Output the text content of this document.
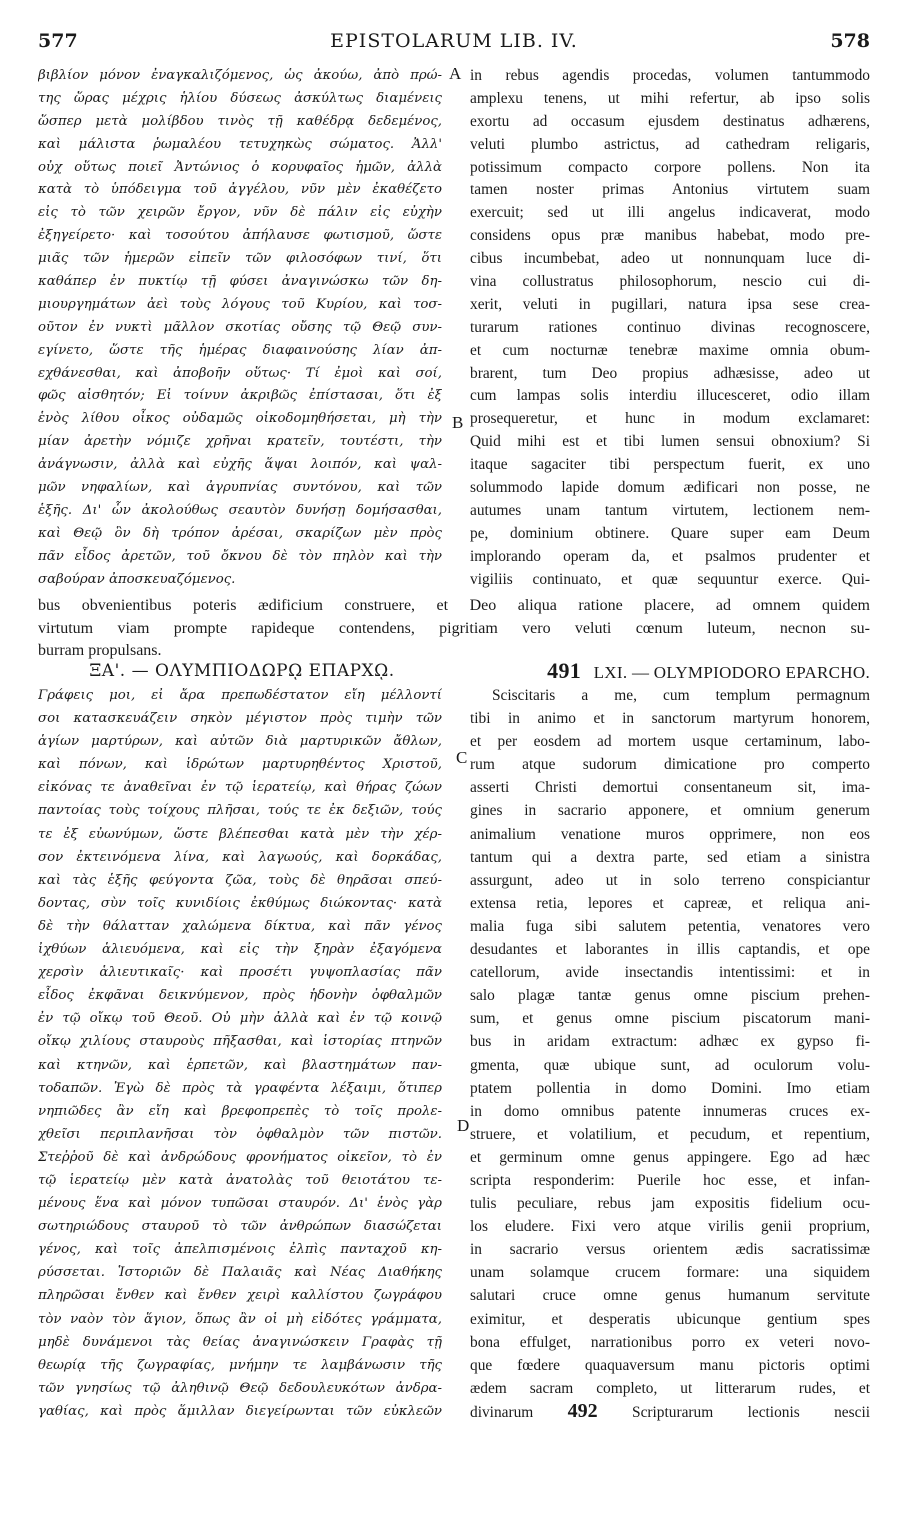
577	EPISTOLARUM LIB. IV.	578
βιβλίον μόνον ἐναγκαλιζόμενος, ὡς ἀκούω, ἀπὸ πρώ-
της ὥρας μέχρις ἡλίου δύσεως ἀσκύλτως διαμένεις
ὥσπερ μετὰ μολίβδου τινὸς τῇ καθέδρᾳ δεδεμένος,
καὶ μάλιστα ῥωμαλέου τετυχηκὼς σώματος. Ἀλλ'
οὐχ οὕτως ποιεῖ Ἀντώνιος ὁ κορυφαῖος ἡμῶν, ἀλλὰ
κατὰ τὸ ὑπόδειγμα τοῦ ἀγγέλου, νῦν μὲν ἐκαθέζετο
εἰς τὸ τῶν χειρῶν ἔργον, νῦν δὲ πάλιν εἰς εὐχὴν
ἐξηγείρετο· καὶ τοσούτου ἀπήλαυσε φωτισμοῦ, ὥστε
μιᾶς τῶν ἡμερῶν εἰπεῖν τῶν φιλοσόφων τινί, ὅτι
καθάπερ ἐν πυκτίῳ τῇ φύσει ἀναγινώσκω τῶν δη-
μιουργημάτων ἀεὶ τοὺς λόγους τοῦ Κυρίου, καὶ τοσ-
οῦτον ἐν νυκτὶ μᾶλλον σκοτίας οὔσης τῷ Θεῷ συν-
εγίνετο, ὥστε τῆς ἡμέρας διαφαινούσης λίαν ἀπ-
εχθάνεσθαι, καὶ ἀποβοῆν οὕτως· Τί ἐμοὶ καὶ σοί,
φῶς αἰσθητόν; Εἰ τοίνυν ἀκριβῶς ἐπίστασαι, ὅτι ἐξ
ἑνὸς λίθου οἶκος οὐδαμῶς οἰκοδομηθήσεται, μὴ τὴν
μίαν ἀρετὴν νόμιζε χρῆναι κρατεῖν, τουτέστι, τὴν
ἀνάγνωσιν, ἀλλὰ καὶ εὐχῆς ἅψαι λοιπόν, καὶ ψαλ-
μῶν νηφαλίων, καὶ ἀγρυπνίας συντόνου, καὶ τῶν
ἑξῆς. Δι' ὧν ἀκολούθως σεαυτὸν δυνήσῃ δομήσασθαι,
καὶ Θεῷ ὃν δὴ τρόπον ἀρέσαι, σκαρίζων μὲν πρὸς
πᾶν εἶδος ἀρετῶν, τοῦ ὄκνου δὲ τὸν πηλὸν καὶ τὴν
σαβούραν ἀποσκευαζόμενος.
in rebus agendis procedas, volumen tantummodo
amplexu tenens, ut mihi refertur, ab ipso solis
exortu ad occasum ejusdem destinatus adhærens,
veluti plumbo astrictus, ad cathedram religaris,
potissimum compacto corpore pollens. Non ita
tamen noster primas Antonius virtutem suam
exercuit; sed ut illi angelus indicaverat, modo
considens opus præ manibus habebat, modo pre-
cibus incumbebat, adeo ut nonnunquam luce di-
vina collustratus philosophorum, nescio cui di-
xerit, veluti in pugillari, natura ipsa sese crea-
turarum rationes continuo divinas recognoscere,
et cum nocturnæ tenebræ maxime omnia obum-
brarent, tum Deo propius adhæsisse, adeo ut
cum lampas solis interdiu illucesceret, odio illam
prosequeretur, et hunc in modum exclamaret:
Quid mihi est et tibi lumen sensui obnoxium? Si
itaque sagaciter tibi perspectum fuerit, ex uno
solummodo lapide domum ædificari non posse, ne
autumes unam tantum virtutem, lectionem nem-
pe, dominium obtinere. Quare super eam Deum
implorando operam da, et psalmos prudenter et
vigiliis continuato, et quæ sequuntur exerce. Qui-
A
B
C
D
bus obvenientibus poteris ædificium construere, et Deo aliqua ratione placere, ad omnem quidem
virtutum viam prompte rapideque contendens, pigritiam vero veluti cœnum luteum, necnon su-
burram propulsans.
ΞΑ'. — ΟΛΥΜΠΙΟΔΩΡῼ ΕΠΑΡΧῼ.	491 LXI. — OLYMPIODORO EPARCHO.
Γράφεις μοι, εἰ ἄρα πρεπωδέστατον εἴη μέλλοντί
σοι κατασκευάζειν σηκὸν μέγιστον πρὸς τιμὴν τῶν
ἁγίων μαρτύρων, καὶ αὐτῶν διὰ μαρτυρικῶν ἄθλων,
καὶ πόνων, καὶ ἱδρώτων μαρτυρηθέντος Χριστοῦ,
εἰκόνας τε ἀναθεῖναι ἐν τῷ ἱερατείῳ, καὶ θήρας ζώων
παντοίας τοὺς τοίχους πλῆσαι, τούς τε ἐκ δεξιῶν, τούς
τε ἐξ εὐωνύμων, ὥστε βλέπεσθαι κατὰ μὲν τὴν χέρ-
σον ἐκτεινόμενα λίνα, καὶ λαγωούς, καὶ δορκάδας,
καὶ τὰς ἑξῆς φεύγοντα ζῶα, τοὺς δὲ θηρᾶσαι σπεύ-
δοντας, σὺν τοῖς κυνιδίοις ἐκθύμως διώκοντας· κατὰ
δὲ τὴν θάλατταν χαλώμενα δίκτυα, καὶ πᾶν γένος
ἰχθύων ἁλιευόμενα, καὶ εἰς τὴν ξηρὰν ἐξαγόμενα
χερσὶν ἁλιευτικαῖς· καὶ προσέτι γυψοπλασίας πᾶν
εἶδος ἐκφᾶναι δεικνύμενον, πρὸς ἡδονὴν ὀφθαλμῶν
ἐν τῷ οἴκῳ τοῦ Θεοῦ. Οὐ μὴν ἀλλὰ καὶ ἐν τῷ κοινῷ
οἴκῳ χιλίους σταυροὺς πῆξασθαι, καὶ ἱστορίας πτηνῶν
καὶ κτηνῶν, καὶ ἑρπετῶν, καὶ βλαστημάτων παν-
τοδαπῶν. Ἐγὼ δὲ πρὸς τὰ γραφέντα λέξαιμι, ὅτιπερ
νηπιῶδες ἂν εἴη καὶ βρεφοπρεπὲς τὸ τοῖς προλε-
χθεῖσι περιπλανῆσαι τὸν ὀφθαλμὸν τῶν πιστῶν.
Στεῤῥοῦ δὲ καὶ ἀνδρώδους φρονήματος οἰκεῖον, τὸ ἐν
τῷ ἱερατείῳ μὲν κατὰ ἀνατολὰς τοῦ θειοτάτου τε-
μένους ἕνα καὶ μόνον τυπῶσαι σταυρόν. Δι' ἑνὸς γὰρ
σωτηριώδους σταυροῦ τὸ τῶν ἀνθρώπων διασώζεται
γένος, καὶ τοῖς ἀπελπισμένοις ἐλπὶς πανταχοῦ κη-
ρύσσεται. Ἱστοριῶν δὲ Παλαιᾶς καὶ Νέας Διαθήκης
πληρῶσαι ἔνθεν καὶ ἔνθεν χειρὶ καλλίστου ζωγράφου
τὸν ναὸν τὸν ἅγιον, ὅπως ἂν οἱ μὴ εἰδότες γράμματα,
μηδὲ δυνάμενοι τὰς θείας ἀναγινώσκειν Γραφὰς τῇ
θεωρίᾳ τῆς ζωγραφίας, μνήμην τε λαμβάνωσιν τῆς
τῶν γνησίως τῷ ἀληθινῷ Θεῷ δεδουλευκότων ἀνδρα-
γαθίας, καὶ πρὸς ἅμιλλαν διεγείρωνται τῶν εὐκλεῶν
Sciscitaris a me, cum templum permagnum
tibi in animo et in sanctorum martyrum honorem,
et per eosdem ad mortem usque certaminum, labo-
rum atque sudorum dimicatione pro comperto
asserti Christi demortui consentaneum sit, ima-
gines in sacrario apponere, et omnium generum
animalium venatione muros opprimere, non eos
tantum qui a dextra parte, sed etiam a sinistra
assurgunt, adeo ut in solo terreno conspiciantur
extensa retia, lepores et capreæ, et reliqua ani-
malia fuga sibi salutem petentia, venatores vero
desudantes et laborantes in illis captandis, et ope
catellorum, avide insectandis intentissimi: et in
salo plagæ tantæ genus omne piscium prehen-
sum, et genus omne piscium piscatorum mani-
bus in aridam extractum: adhæc ex gypso fi-
gmenta, quæ ubique sunt, ad oculorum volu-
ptatem pollentia in domo Domini. Imo etiam
in domo omnibus patente innumeras cruces ex-
struere, et volatilium, et pecudum, et repentium,
et germinum omne genus appingere. Ego ad hæc
scripta responderim: Puerile hoc esse, et infan-
tulis peculiare, rebus jam expositis fidelium ocu-
los eludere. Fixi vero atque virilis genii proprium,
in sacrario versus orientem ædis sacratissimæ
unam solamque crucem formare: una siquidem
salutari cruce omne genus humanum servitute
eximitur, et desperatis ubicunque gentium spes
bona effulget, narrationibus porro ex veteri novo-
que fœdere quaquaversum manu pictoris optimi
ædem sacram completo, ut litterarum rudes, et
divinarum 492 Scripturarum lectionis nescii
